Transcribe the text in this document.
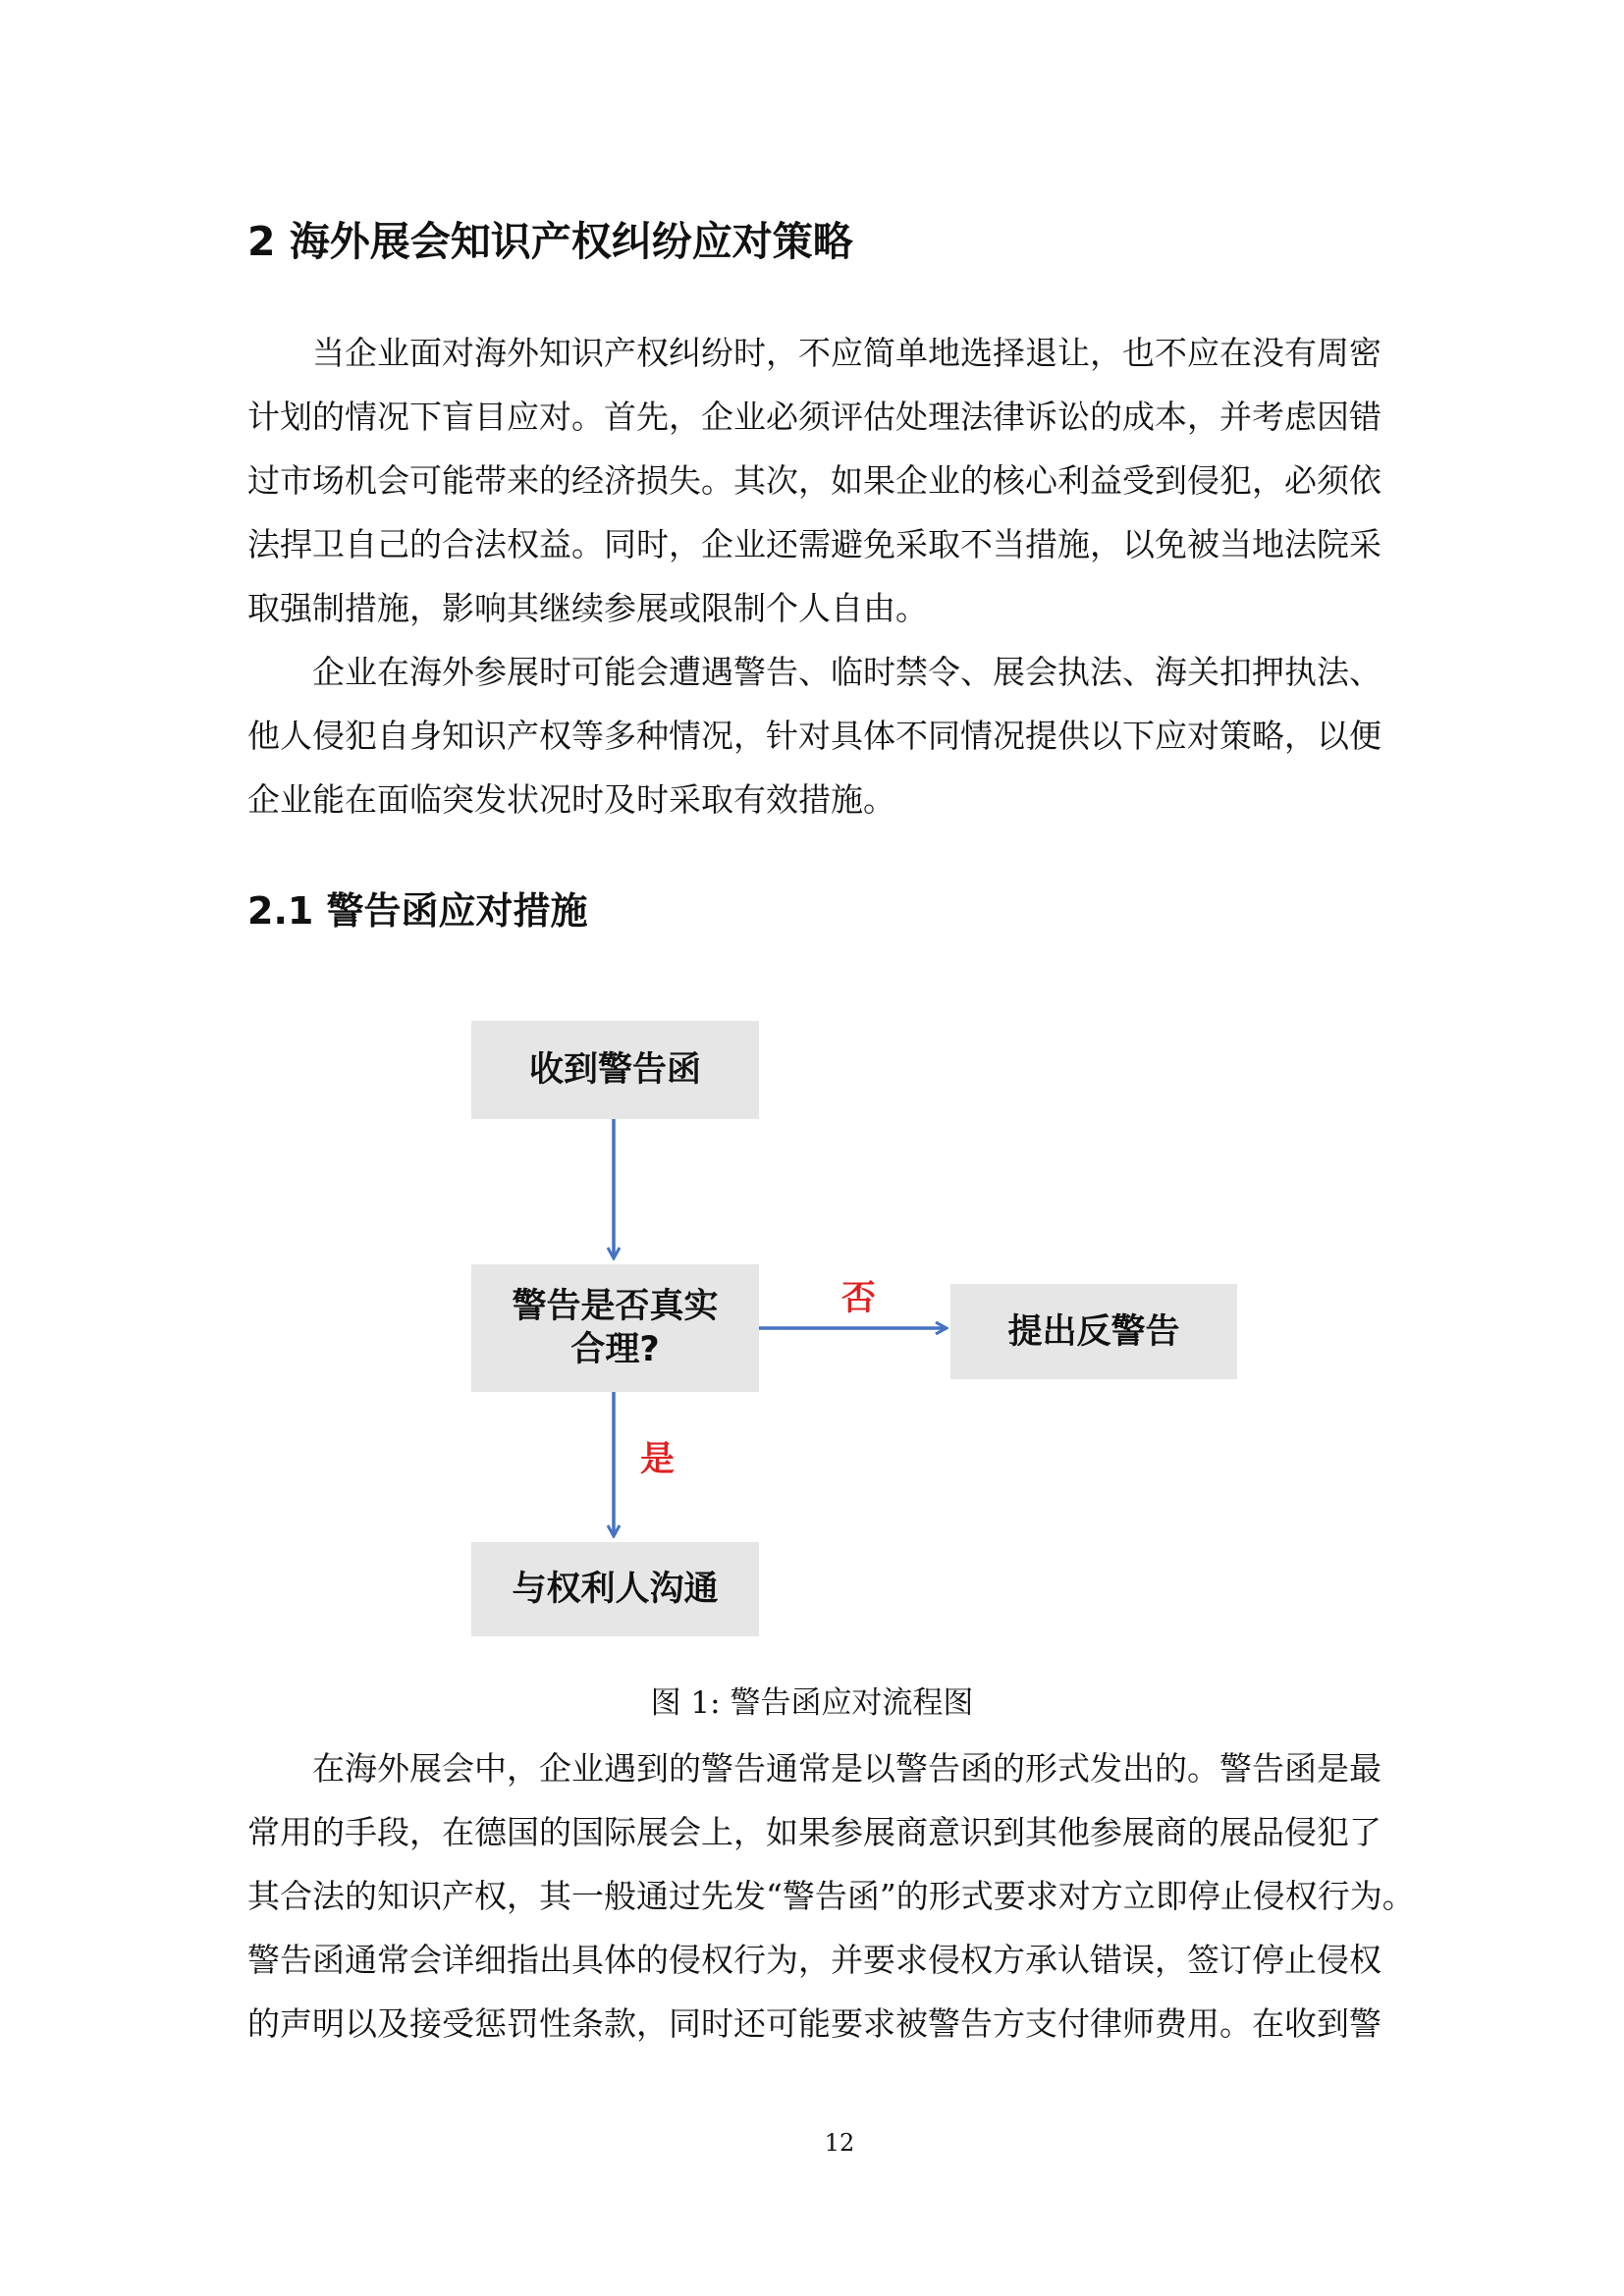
2 海外展会知识产权纠纷应对策略

当企业面对海外知识产权纠纷时，不应简单地选择退让，也不应在没有周密

计划的情况下盲目应对。首先，企业必须评估处理法律诉讼的成本，并考虑因错

过市场机会可能带来的经济损失。其次，如果企业的核心利益受到侵犯，必须依

法捍卫自己的合法权益。同时，企业还需避免采取不当措施，以免被当地法院采

取强制措施，影响其继续参展或限制个人自由。

企业在海外参展时可能会遭遇警告、临时禁令、展会执法、海关扣押执法、

他人侵犯自身知识产权等多种情况，针对具体不同情况提供以下应对策略，以便

企业能在面临突发状况时及时采取有效措施。

2.1 警告函应对措施
收到警告函
警告是否真实
合理?
否
提出反警告
是
与权利人沟通

图 1: 警告函应对流程图

在海外展会中，企业遇到的警告通常是以警告函的形式发出的。警告函是最

常用的手段，在德国的国际展会上，如果参展商意识到其他参展商的展品侵犯了

其合法的知识产权，其一般通过先发“警告函”的形式要求对方立即停止侵权行为。

警告函通常会详细指出具体的侵权行为，并要求侵权方承认错误，签订停止侵权

的声明以及接受惩罚性条款，同时还可能要求被警告方支付律师费用。在收到警

12
